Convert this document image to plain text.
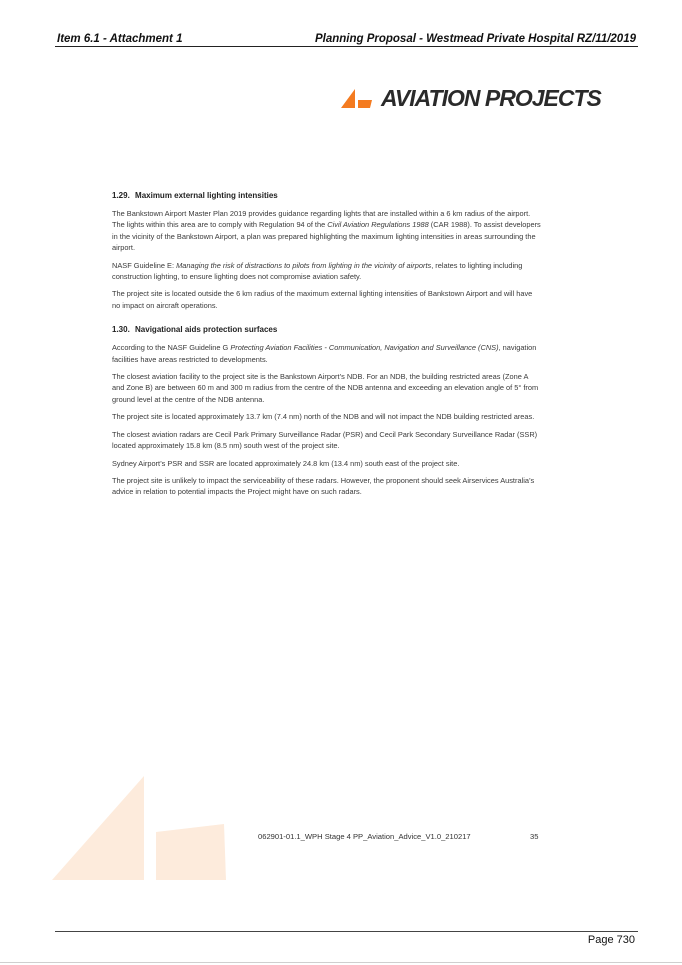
Item 6.1 - Attachment 1	Planning Proposal - Westmead Private Hospital RZ/11/2019
AVIATION PROJECTS
1.29. Maximum external lighting intensities

The Bankstown Airport Master Plan 2019 provides guidance regarding lights that are installed within a 6 km radius of the airport. The lights within this area are to comply with Regulation 94 of the Civil Aviation Regulations 1988 (CAR 1988). To assist developers in the vicinity of the Bankstown Airport, a plan was prepared highlighting the maximum lighting intensities in areas surrounding the airport.

NASF Guideline E: Managing the risk of distractions to pilots from lighting in the vicinity of airports, relates to lighting including construction lighting, to ensure lighting does not compromise aviation safety.

The project site is located outside the 6 km radius of the maximum external lighting intensities of Bankstown Airport and will have no impact on aircraft operations.

1.30. Navigational aids protection surfaces

According to the NASF Guideline G Protecting Aviation Facilities - Communication, Navigation and Surveillance (CNS), navigation facilities have areas restricted to developments.

The closest aviation facility to the project site is the Bankstown Airport’s NDB. For an NDB, the building restricted areas (Zone A and Zone B) are between 60 m and 300 m radius from the centre of the NDB antenna and exceeding an elevation angle of 5° from ground level at the centre of the NDB antenna.

The project site is located approximately 13.7 km (7.4 nm) north of the NDB and will not impact the NDB building restricted areas.

The closest aviation radars are Cecil Park Primary Surveillance Radar (PSR) and Cecil Park Secondary Surveillance Radar (SSR) located approximately 15.8 km (8.5 nm) south west of the project site.

Sydney Airport’s PSR and SSR are located approximately 24.8 km (13.4 nm) south east of the project site.

The project site is unlikely to impact the serviceability of these radars. However, the proponent should seek Airservices Australia’s advice in relation to potential impacts the Project might have on such radars.

062901-01.1_WPH Stage 4 PP_Aviation_Advice_V1.0_210217	35
Page 730
